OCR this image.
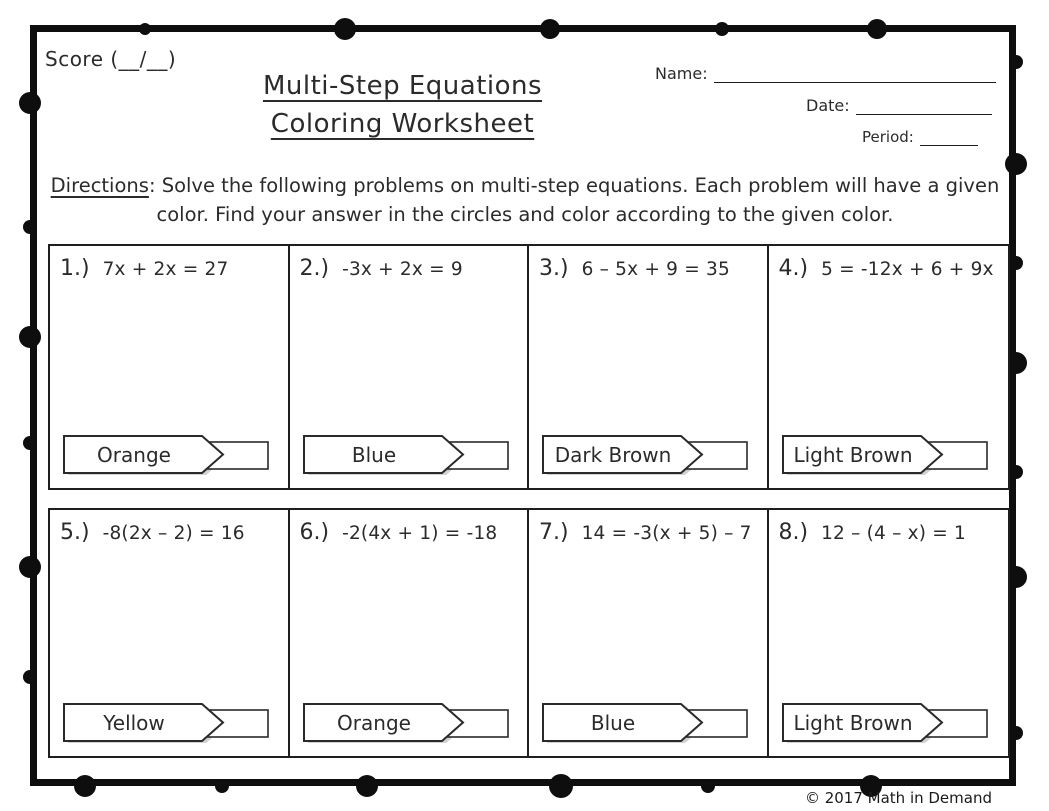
Score (__/__)
Multi-Step Equations
Coloring Worksheet
Name:
Date:
Period:
Directions: Solve the following problems on multi-step equations. Each problem will have a given color. Find your answer in the circles and color according to the given color.
1.) 7x + 2x = 27
Orange
2.) -3x + 2x = 9
Blue
3.) 6 – 5x + 9 = 35
Dark Brown
4.) 5 = -12x + 6 + 9x
Light Brown
5.) -8(2x – 2) = 16
Yellow
6.) -2(4x + 1) = -18
Orange
7.) 14 = -3(x + 5) – 7
Blue
8.) 12 – (4 – x) = 1
Light Brown
© 2017 Math in Demand
